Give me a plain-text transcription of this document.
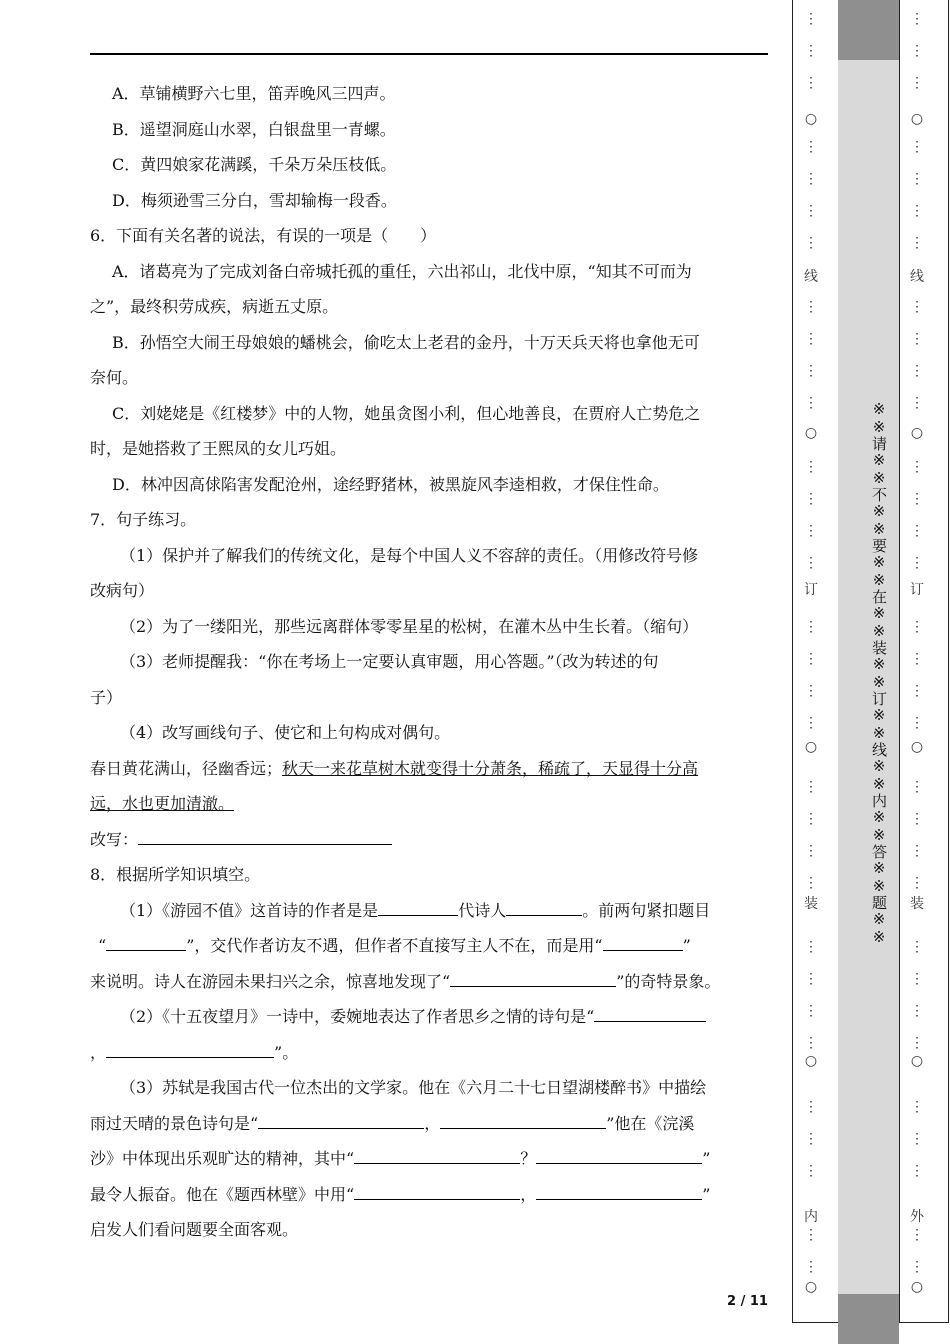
A．草铺横野六七里，笛弄晚风三四声。

B．遥望洞庭山水翠，白银盘里一青螺。

C．黄四娘家花满蹊，千朵万朵压枝低。

D．梅须逊雪三分白，雪却输梅一段香。

6．下面有关名著的说法，有误的一项是（　　）

A．诸葛亮为了完成刘备白帝城托孤的重任，六出祁山，北伐中原，“知其不可而为

之”，最终积劳成疾，病逝五丈原。

B．孙悟空大闹王母娘娘的蟠桃会，偷吃太上老君的金丹，十万天兵天将也拿他无可

奈何。

C．刘姥姥是《红楼梦》中的人物，她虽贪图小利，但心地善良，在贾府人亡势危之

时，是她搭救了王熙凤的女儿巧姐。

D．林冲因高俅陷害发配沧州，途经野猪林，被黑旋风李逵相救，才保住性命。

7．句子练习。

（1）保护并了解我们的传统文化，是每个中国人义不容辞的责任。（用修改符号修

改病句）

（2）为了一缕阳光，那些远离群体零零星星的松树，在灌木丛中生长着。（缩句）

（3）老师提醒我：“你在考场上一定要认真审题，用心答题。”（改为转述的句

子）

（4）改写画线句子、使它和上句构成对偶句。

春日黄花满山，径幽香远；秋天一来花草树木就变得十分萧条，稀疏了，天显得十分高

远，水也更加清澈。

改写：

8．根据所学知识填空。

（1）《游园不值》这首诗的作者是是	代诗人	。前两句紧扣题目

“	”，交代作者访友不遇，但作者不直接写主人不在，而是用“	”

来说明。诗人在游园未果扫兴之余，惊喜地发现了“	”的奇特景象。

（2）《十五夜望月》一诗中，委婉地表达了作者思乡之情的诗句是“

，	”。

（3）苏轼是我国古代一位杰出的文学家。他在《六月二十七日望湖楼醉书》中描绘

雨过天晴的景色诗句是“	，	”他在《浣溪

沙》中体现出乐观旷达的精神，其中“	？	”

最令人振奋。他在《题西林壁》中用“	，	”

启发人们看问题要全面客观。

2 / 11
※※请※※不※※要※※在※※装※※订※※线※※内※※答※※题※※
⋮
⋮
⋮
⋮
⋮
⋮
⋮
⋮
⋮
⋮
⋮
⋮
⋮
⋮
⋮
⋮
⋮
⋮
⋮
⋮
⋮
⋮
⋮
⋮
⋮
⋮
⋮
⋮
⋮
⋮
⋮
⋮
○
○
○
○
线
订
装
内
○
⋮
⋮
⋮
⋮
⋮
⋮
⋮
⋮
⋮
⋮
⋮
⋮
⋮
⋮
⋮
⋮
⋮
⋮
⋮
⋮
⋮
⋮
⋮
⋮
⋮
⋮
⋮
⋮
⋮
⋮
⋮
⋮
○
○
○
○
线
订
装
外
○
